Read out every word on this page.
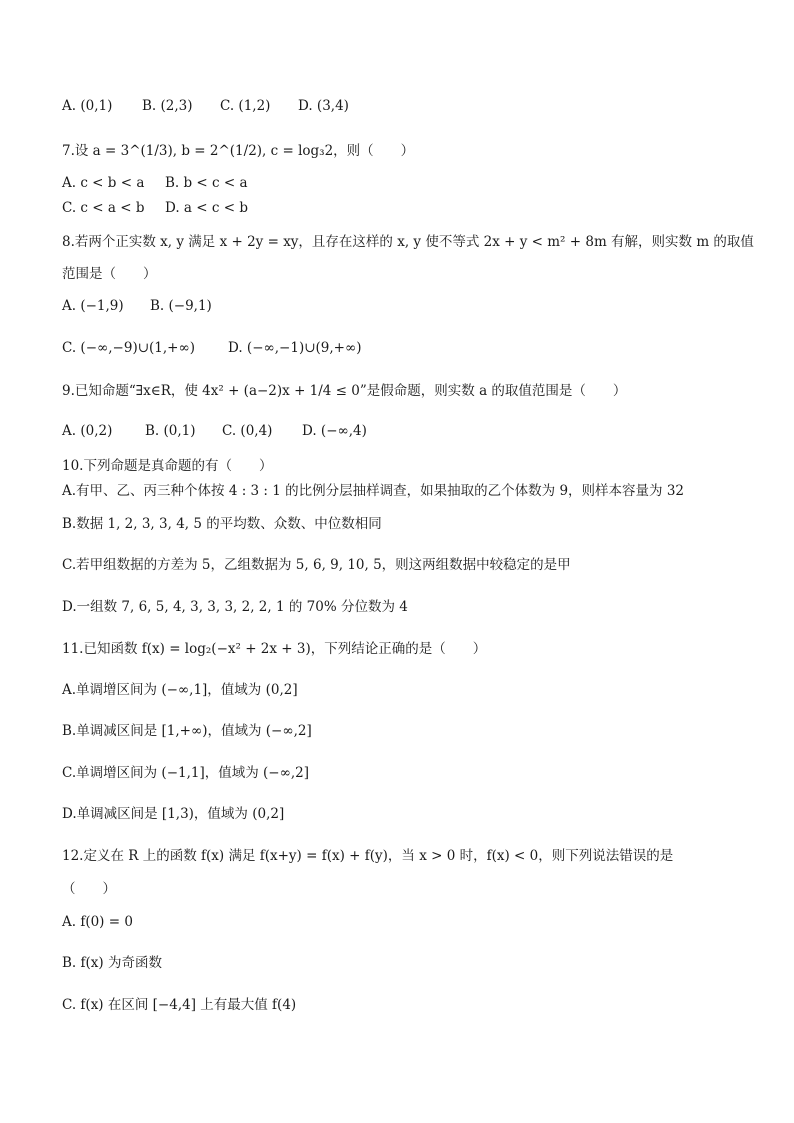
A. (0,1) B. (2,3) C. (1,2) D. (3,4)
7.设 a = 3^(1/3), b = 2^(1/2), c = log₃2，则（　　）
A. c < b < a B. b < c < a
C. c < a < b D. a < c < b
8.若两个正实数 x, y 满足 x + 2y = xy，且存在这样的 x, y 使不等式 2x + y < m² + 8m 有解，则实数 m 的取值
范围是（　　）
A. (−1,9) B. (−9,1)
C. (−∞,−9)∪(1,+∞) D. (−∞,−1)∪(9,+∞)
9.已知命题“∃x∈R，使 4x² + (a−2)x + 1/4 ≤ 0”是假命题，则实数 a 的取值范围是（　　）
A. (0,2) B. (0,1) C. (0,4) D. (−∞,4)
10.下列命题是真命题的有（　　）
A.有甲、乙、丙三种个体按 4 : 3 : 1 的比例分层抽样调查，如果抽取的乙个体数为 9，则样本容量为 32
B.数据 1, 2, 3, 3, 4, 5 的平均数、众数、中位数相同
C.若甲组数据的方差为 5，乙组数据为 5, 6, 9, 10, 5，则这两组数据中较稳定的是甲
D.一组数 7, 6, 5, 4, 3, 3, 3, 2, 2, 1 的 70% 分位数为 4
11.已知函数 f(x) = log₂(−x² + 2x + 3)，下列结论正确的是（　　）
A.单调增区间为 (−∞,1]，值域为 (0,2]
B.单调减区间是 [1,+∞)，值域为 (−∞,2]
C.单调增区间为 (−1,1]，值域为 (−∞,2]
D.单调减区间是 [1,3)，值域为 (0,2]
12.定义在 R 上的函数 f(x) 满足 f(x+y) = f(x) + f(y)，当 x > 0 时，f(x) < 0，则下列说法错误的是
（　　）
A. f(0) = 0
B. f(x) 为奇函数
C. f(x) 在区间 [−4,4] 上有最大值 f(4)
